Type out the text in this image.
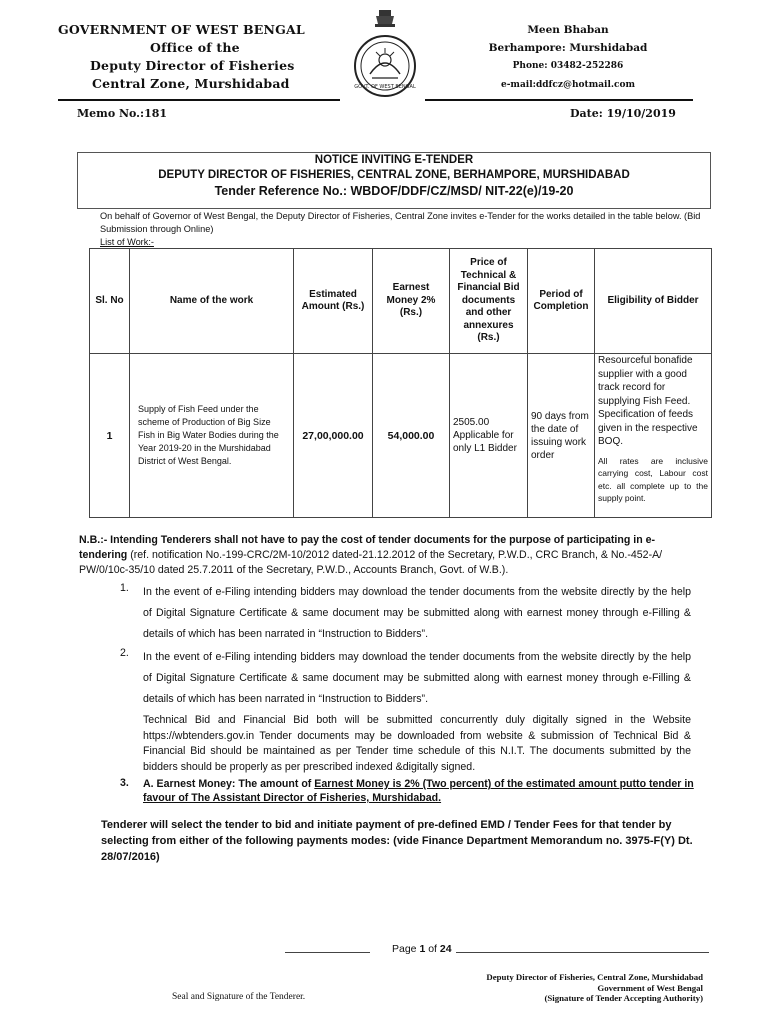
GOVERNMENT OF WEST BENGAL
Office of the
Deputy Director of Fisheries
Central Zone, Murshidabad	GOVT. OF WEST BENGAL
Meen Bhaban
Berhampore: Murshidabad
Phone: 03482-252286
e-mail:ddfcz@hotmail.com
Memo No.:181	Date: 19/10/2019
NOTICE INVITING E-TENDER
DEPUTY DIRECTOR OF FISHERIES, CENTRAL ZONE, BERHAMPORE, MURSHIDABAD
Tender Reference No.: WBDOF/DDF/CZ/MSD/ NIT-22(e)/19-20
On behalf of Governor of West Bengal, the Deputy Director of Fisheries, Central Zone invites e-Tender for the works detailed in the table below. (Bid Submission through Online)
List of Work:-
Sl. No	Name of the work	Estimated Amount (Rs.)	Earnest Money 2% (Rs.)	Price of Technical & Financial Bid documents and other annexures (Rs.)	Period of Completion	Eligibility of Bidder
1	Supply of Fish Feed under the scheme of Production of Big Size Fish in Big Water Bodies during the Year 2019-20 in the Murshidabad District of West Bengal.	27,00,000.00	54,000.00	2505.00 Applicable for only L1 Bidder	90 days from the date of issuing work order	Resourceful bonafide supplier with a good track record for supplying Fish Feed. Specification of feeds given in the respective BOQ.
All rates are inclusive carrying cost, Labour cost etc. all complete up to the supply point.
N.B.:- Intending Tenderers shall not have to pay the cost of tender documents for the purpose of participating in e-tendering (ref. notification No.-199-CRC/2M-10/2012 dated-21.12.2012 of the Secretary, P.W.D., CRC Branch, & No.-452-A/ PW/0/10c-35/10 dated 25.7.2011 of the Secretary, P.W.D., Accounts Branch, Govt. of W.B.).
1. In the event of e-Filing intending bidders may download the tender documents from the website directly by the help of Digital Signature Certificate & same document may be submitted along with earnest money through e-Filling & details of which has been narrated in “Instruction to Bidders”.
2. In the event of e-Filing intending bidders may download the tender documents from the website directly by the help of Digital Signature Certificate & same document may be submitted along with earnest money through e-Filling & details of which has been narrated in “Instruction to Bidders”.
Technical Bid and Financial Bid both will be submitted concurrently duly digitally signed in the Website https://wbtenders.gov.in Tender documents may be downloaded from website & submission of Technical Bid & Financial Bid should be maintained as per Tender time schedule of this N.I.T. The documents submitted by the bidders should be properly as per prescribed indexed &digitally signed.
3. A. Earnest Money: The amount of Earnest Money is 2% (Two percent) of the estimated amount putto tender in favour of The Assistant Director of Fisheries, Murshidabad.
Tenderer will select the tender to bid and initiate payment of pre-defined EMD / Tender Fees for that tender by selecting from either of the following payments modes: (vide Finance Department Memorandum no. 3975-F(Y) Dt. 28/07/2016)
Page 1 of 24
Seal and Signature of the Tenderer.
Deputy Director of Fisheries, Central Zone, Murshidabad
Government of West Bengal
(Signature of Tender Accepting Authority)
